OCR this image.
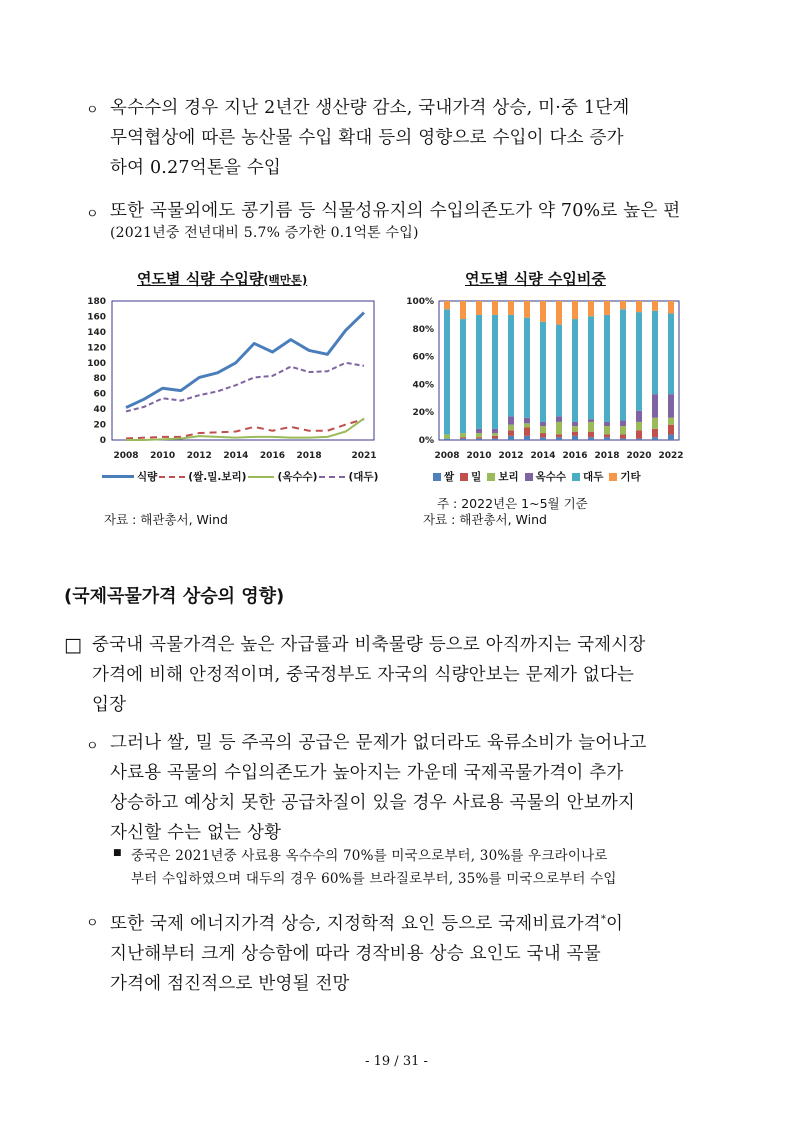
ㅇ 옥수수의 경우 지난 2년간 생산량 감소, 국내가격 상승, 미·중 1단계
무역협상에 따른 농산물 수입 확대 등의 영향으로 수입이 다소 증가
하여 0.27억톤을 수입
ㅇ 또한 곡물외에도 콩기름 등 식물성유지의 수입의존도가 약 70%로 높은 편
(2021년중 전년대비 5.7% 증가한 0.1억톤 수입)
연도별 식량 수입량(백만톤)
0
20
40
60
80
100
120
140
160
180
2008 2010 2012 2014 2016 2018	2021
식량	(쌀.밀.보리)	(옥수수)	(대두)
자료 : 해관총서, Wind
연도별 식량 수입비중
0%
20%
40%
60%
80%
100%
2008 2010 2012 2014 2016 2018 2020 2022
쌀 밀 보리 옥수수 대두 기타
주 : 2022년은 1~5월 기준
자료 : 해관총서, Wind
(국제곡물가격 상승의 영향)
□ 중국내 곡물가격은 높은 자급률과 비축물량 등으로 아직까지는 국제시장
가격에 비해 안정적이며, 중국정부도 자국의 식량안보는 문제가 없다는
입장
ㅇ 그러나 쌀, 밀 등 주곡의 공급은 문제가 없더라도 육류소비가 늘어나고
사료용 곡물의 수입의존도가 높아지는 가운데 국제곡물가격이 추가
상승하고 예상치 못한 공급차질이 있을 경우 사료용 곡물의 안보까지
자신할 수는 없는 상황
■ 중국은 2021년중 사료용 옥수수의 70%를 미국으로부터, 30%를 우크라이나로
부터 수입하였으며 대두의 경우 60%를 브라질로부터, 35%를 미국으로부터 수입
ㅇ 또한 국제 에너지가격 상승, 지정학적 요인 등으로 국제비료가격*이
지난해부터 크게 상승함에 따라 경작비용 상승 요인도 국내 곡물
가격에 점진적으로 반영될 전망
- 19 / 31 -
